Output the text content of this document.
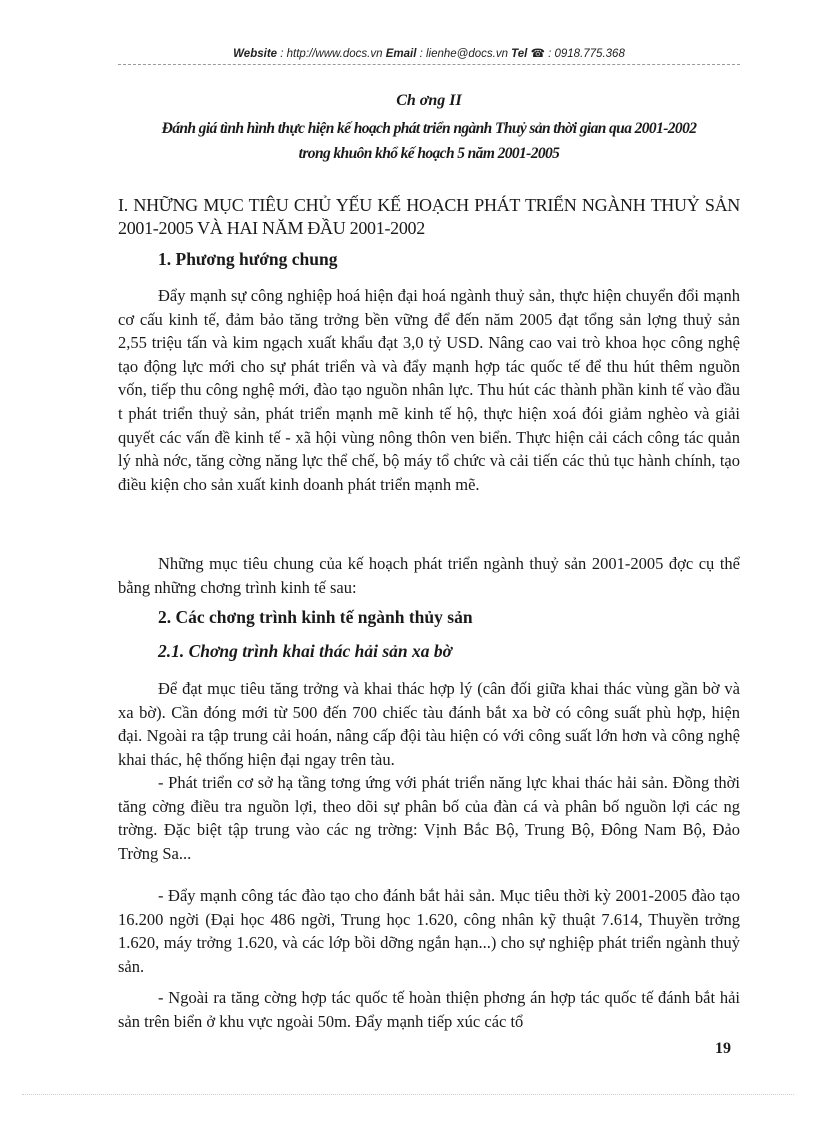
Website : http://www.docs.vn Email : lienhe@docs.vn Tel ☎ : 0918.775.368
Ch ơng II
Đánh giá tình hình thực hiện kế hoạch phát triển ngành Thuỷ sản thời gian qua 2001-2002
trong khuôn khổ kế hoạch 5 năm 2001-2005
I. NHỮNG MỤC TIÊU CHỦ YẾU KẾ HOẠCH PHÁT TRIỂN NGÀNH THUỶ SẢN 2001-2005 VÀ HAI NĂM ĐẦU 2001-2002
1. Phương hướng chung
Đẩy mạnh sự công nghiệp hoá hiện đại hoá ngành thuỷ sản, thực hiện chuyển đổi mạnh cơ cấu kinh tế, đảm bảo tăng trởng bền vững để đến năm 2005 đạt tổng sản lợng thuỷ sản 2,55 triệu tấn và kim ngạch xuất khẩu đạt 3,0 tỷ USD. Nâng cao vai trò khoa học công nghệ tạo động lực mới cho sự phát triển và và đẩy mạnh hợp tác quốc tế để thu hút thêm nguồn vốn, tiếp thu công nghệ mới, đào tạo nguồn nhân lực. Thu hút các thành phần kinh tế vào đầu t phát triển thuỷ sản, phát triển mạnh mẽ kinh tế hộ, thực hiện xoá đói giảm nghèo và giải quyết các vấn đề kinh tế - xã hội vùng nông thôn ven biển. Thực hiện cải cách công tác quản lý nhà nớc, tăng cờng năng lực thể chế, bộ máy tổ chức và cải tiến các thủ tục hành chính, tạo điều kiện cho sản xuất kinh doanh phát triển mạnh mẽ.
Những mục tiêu chung của kế hoạch phát triển ngành thuỷ sản 2001-2005 đợc cụ thể bằng những chơng trình kinh tế sau:
2. Các chơng trình kinh tế ngành thủy sản
2.1. Chơng trình khai thác hải sản xa bờ
Để đạt mục tiêu tăng trởng và khai thác hợp lý (cân đối giữa khai thác vùng gần bờ và xa bờ). Cần đóng mới từ 500 đến 700 chiếc tàu đánh bắt xa bờ có công suất phù hợp, hiện đại. Ngoài ra tập trung cải hoán, nâng cấp đội tàu hiện có với công suất lớn hơn và công nghệ khai thác, hệ thống hiện đại ngay trên tàu.
- Phát triển cơ sở hạ tầng tơng ứng với phát triển năng lực khai thác hải sản. Đồng thời tăng cờng điều tra nguồn lợi, theo dõi sự phân bố của đàn cá và phân bố nguồn lợi các ng trờng. Đặc biệt tập trung vào các ng trờng: Vịnh Bắc Bộ, Trung Bộ, Đông Nam Bộ, Đảo Trờng Sa...
- Đẩy mạnh công tác đào tạo cho đánh bắt hải sản. Mục tiêu thời kỳ 2001-2005 đào tạo 16.200 ngời (Đại học 486 ngời, Trung học 1.620, công nhân kỹ thuật 7.614, Thuyền trởng 1.620, máy trởng 1.620, và các lớp bồi dỡng ngắn hạn...) cho sự nghiệp phát triển ngành thuỷ sản.
- Ngoài ra tăng cờng hợp tác quốc tế hoàn thiện phơng án hợp tác quốc tế đánh bắt hải sản trên biển ở khu vực ngoài 50m. Đẩy mạnh tiếp xúc các tổ
19
